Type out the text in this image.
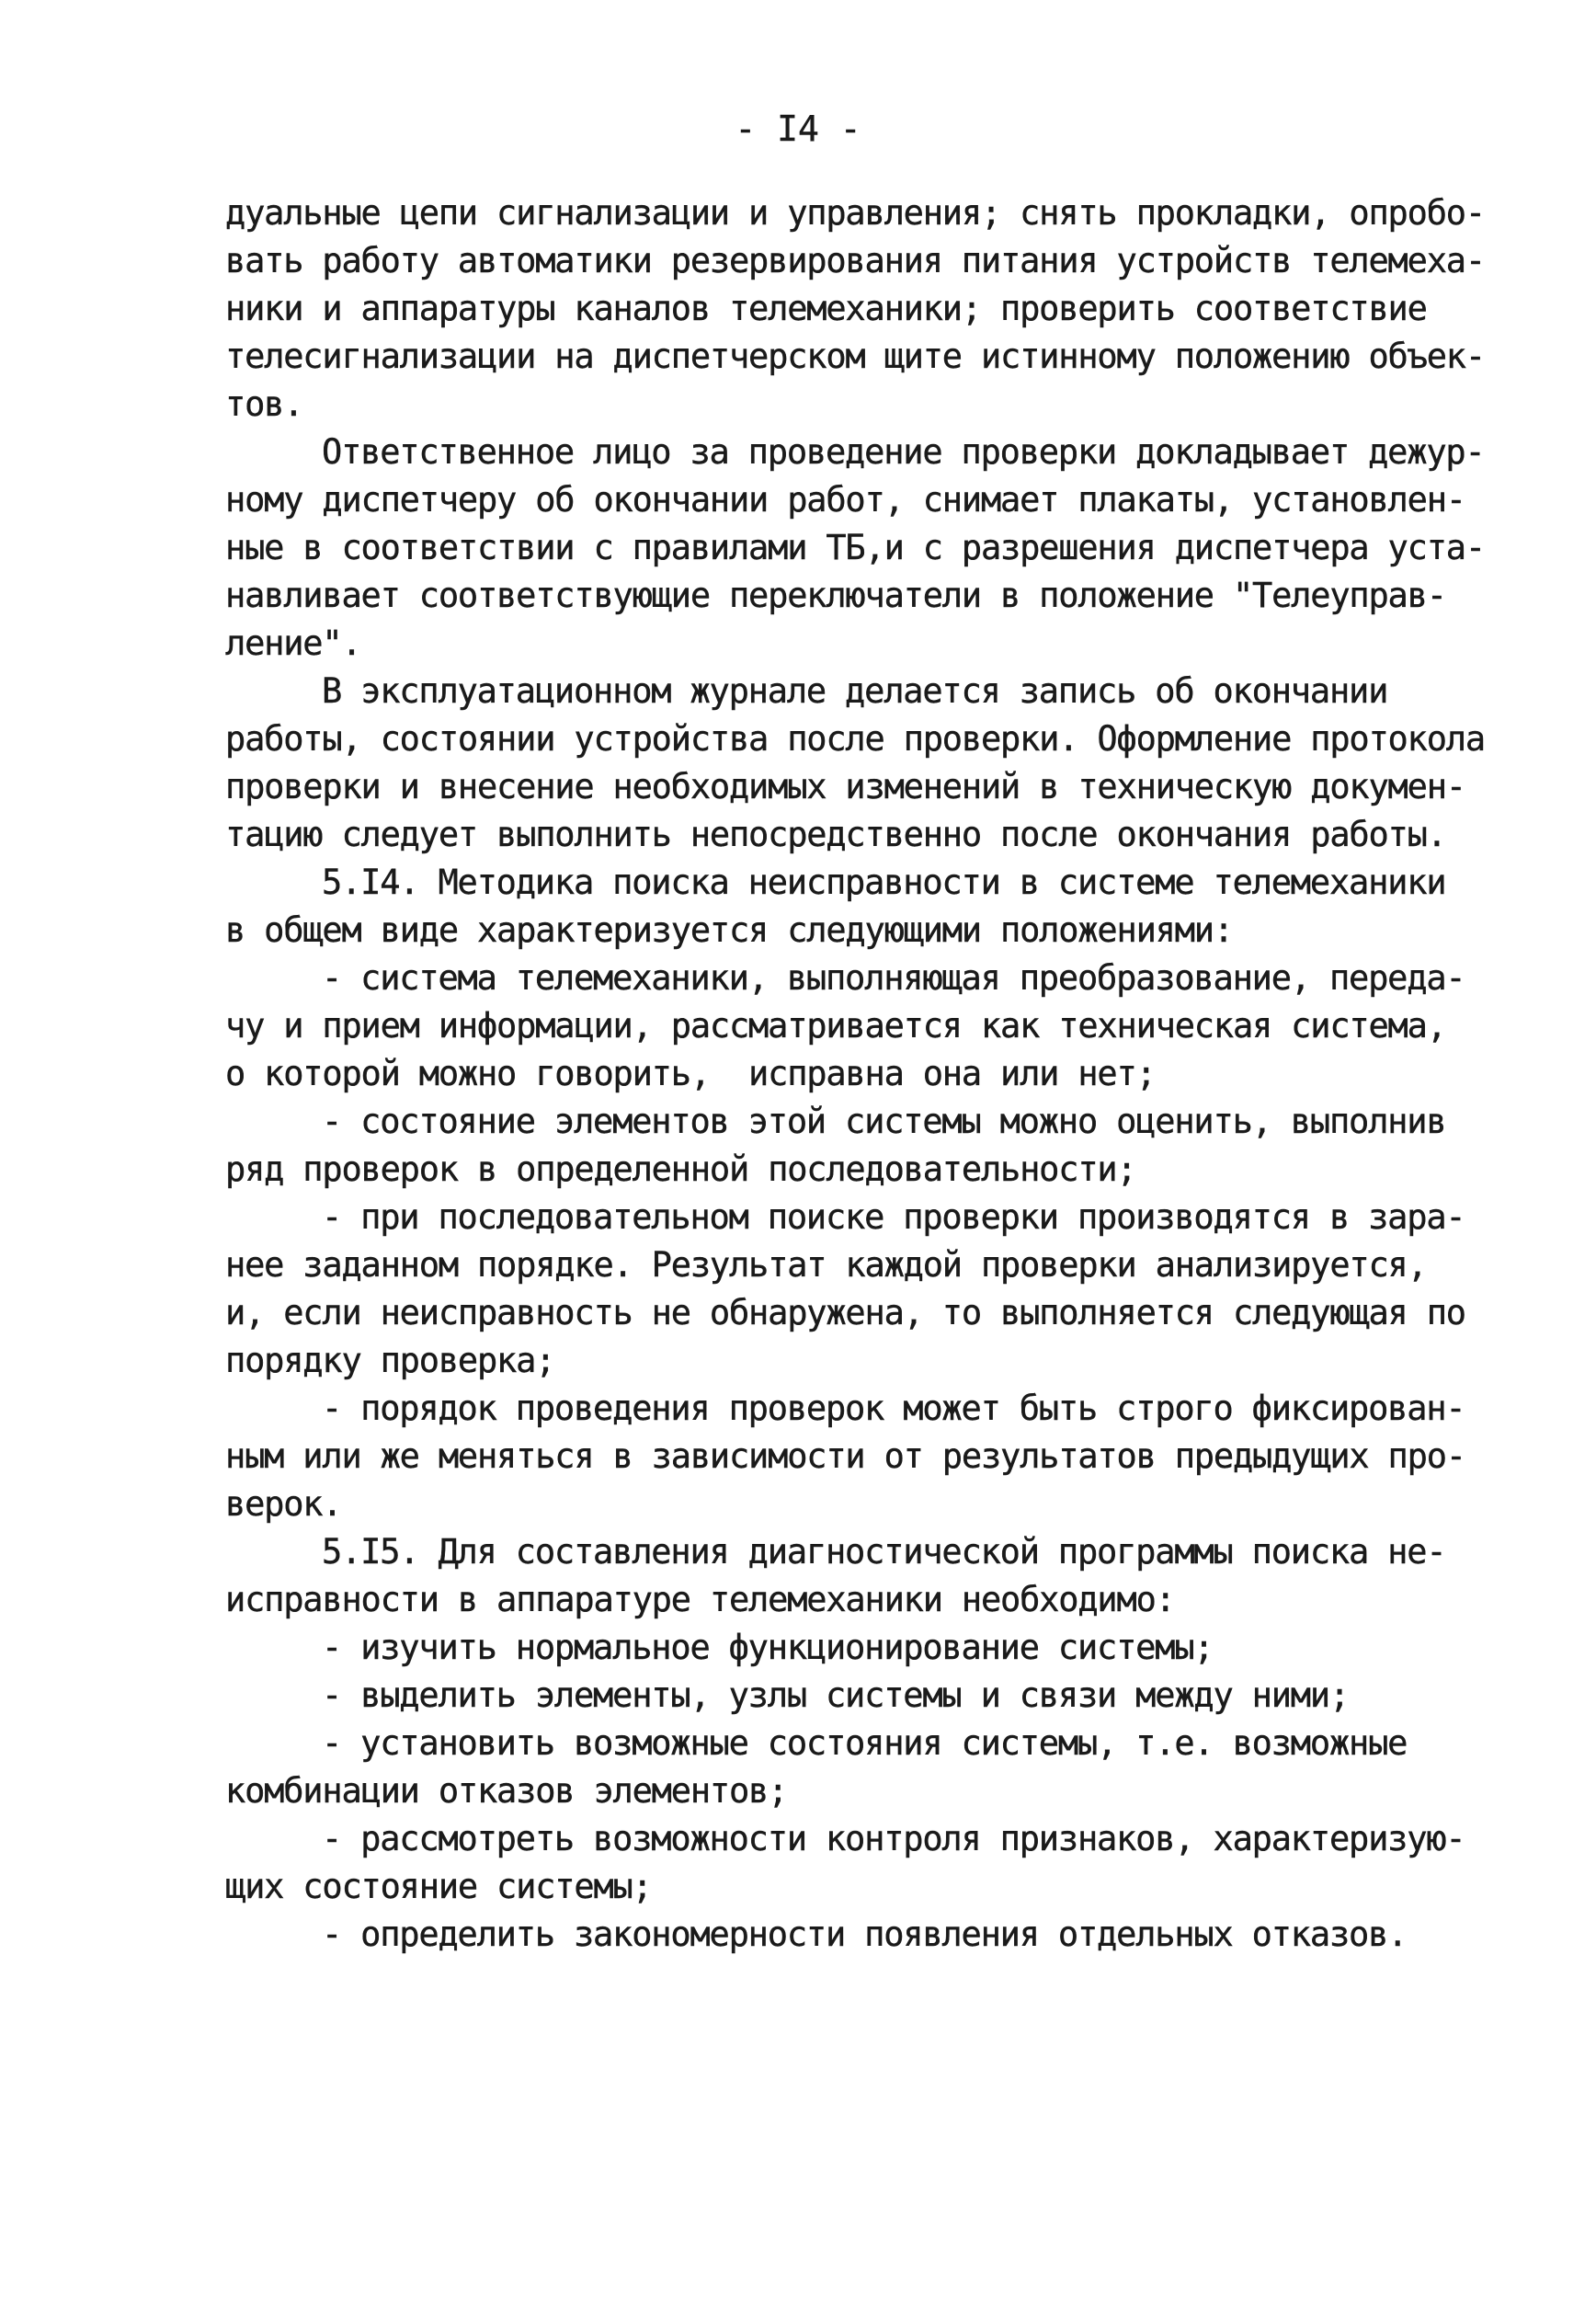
- I4 -
дуальные цепи сигнализации и управления; снять прокладки, опробо-
вать работу автоматики резервирования питания устройств телемеха-
ники и аппаратуры каналов телемеханики; проверить соответствие
телесигнализации на диспетчерском щите истинному положению объек-
тов.
Ответственное лицо за проведение проверки докладывает дежур-
ному диспетчеру об окончании работ, снимает плакаты, установлен-
ные в соответствии с правилами ТБ,и с разрешения диспетчера уста-
навливает соответствующие переключатели в положение "Телеуправ-
ление".
В эксплуатационном журнале делается запись об окончании
работы, состоянии устройства после проверки. Оформление протокола
проверки и внесение необходимых изменений в техническую докумен-
тацию следует выполнить непосредственно после окончания работы.
5.I4. Методика поиска неисправности в системе телемеханики
в общем виде характеризуется следующими положениями:
- система телемеханики, выполняющая преобразование, переда-
чу и прием информации, рассматривается как техническая система,
о которой можно говорить,  исправна она или нет;
- состояние элементов этой системы можно оценить, выполнив
ряд проверок в определенной последовательности;
- при последовательном поиске проверки производятся в зара-
нее заданном порядке. Результат каждой проверки анализируется,
и, если неисправность не обнаружена, то выполняется следующая по
порядку проверка;
- порядок проведения проверок может быть строго фиксирован-
ным или же меняться в зависимости от результатов предыдущих про-
верок.
5.I5. Для составления диагностической программы поиска не-
исправности в аппаратуре телемеханики необходимо:
- изучить нормальное функционирование системы;
- выделить элементы, узлы системы и связи между ними;
- установить возможные состояния системы, т.е. возможные
комбинации отказов элементов;
- рассмотреть возможности контроля признаков, характеризую-
щих состояние системы;
- определить закономерности появления отдельных отказов.
